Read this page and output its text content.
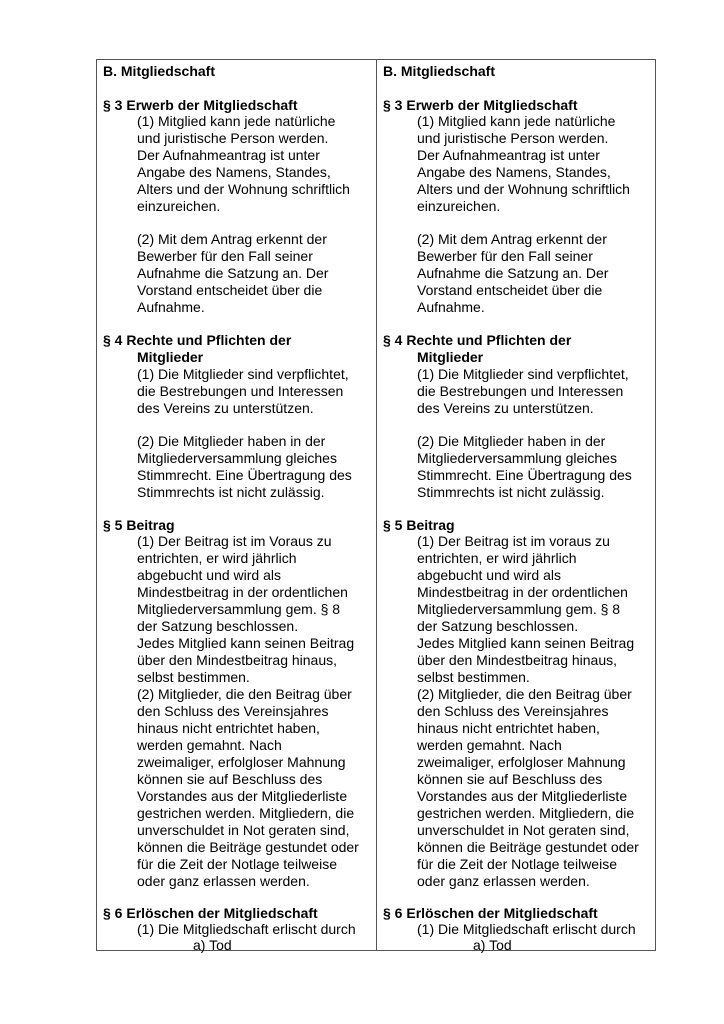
B. Mitgliedschaft
§ 3 Erwerb der Mitgliedschaft
(1) Mitglied kann jede natürliche
und juristische Person werden.
Der Aufnahmeantrag ist unter
Angabe des Namens, Standes,
Alters und der Wohnung schriftlich
einzureichen.
(2) Mit dem Antrag erkennt der
Bewerber für den Fall seiner
Aufnahme die Satzung an. Der
Vorstand entscheidet über die
Aufnahme.
§ 4 Rechte und Pflichten der
Mitglieder
(1) Die Mitglieder sind verpflichtet,
die Bestrebungen und Interessen
des Vereins zu unterstützen.
(2) Die Mitglieder haben in der
Mitgliederversammlung gleiches
Stimmrecht. Eine Übertragung des
Stimmrechts ist nicht zulässig.
§ 5 Beitrag
(1) Der Beitrag ist im Voraus zu
entrichten, er wird jährlich
abgebucht und wird als
Mindestbeitrag in der ordentlichen
Mitgliederversammlung gem. § 8
der Satzung beschlossen.
Jedes Mitglied kann seinen Beitrag
über den Mindestbeitrag hinaus,
selbst bestimmen.
(2) Mitglieder, die den Beitrag über
den Schluss des Vereinsjahres
hinaus nicht entrichtet haben,
werden gemahnt. Nach
zweimaliger, erfolgloser Mahnung
können sie auf Beschluss des
Vorstandes aus der Mitgliederliste
gestrichen werden. Mitgliedern, die
unverschuldet in Not geraten sind,
können die Beiträge gestundet oder
für die Zeit der Notlage teilweise
oder ganz erlassen werden.
§ 6 Erlöschen der Mitgliedschaft
(1) Die Mitgliedschaft erlischt durch
a) Tod
B. Mitgliedschaft
§ 3 Erwerb der Mitgliedschaft
(1) Mitglied kann jede natürliche
und juristische Person werden.
Der Aufnahmeantrag ist unter
Angabe des Namens, Standes,
Alters und der Wohnung schriftlich
einzureichen.
(2) Mit dem Antrag erkennt der
Bewerber für den Fall seiner
Aufnahme die Satzung an. Der
Vorstand entscheidet über die
Aufnahme.
§ 4 Rechte und Pflichten der
Mitglieder
(1) Die Mitglieder sind verpflichtet,
die Bestrebungen und Interessen
des Vereins zu unterstützen.
(2) Die Mitglieder haben in der
Mitgliederversammlung gleiches
Stimmrecht. Eine Übertragung des
Stimmrechts ist nicht zulässig.
§ 5 Beitrag
(1) Der Beitrag ist im voraus zu
entrichten, er wird jährlich
abgebucht und wird als
Mindestbeitrag in der ordentlichen
Mitgliederversammlung gem. § 8
der Satzung beschlossen.
Jedes Mitglied kann seinen Beitrag
über den Mindestbeitrag hinaus,
selbst bestimmen.
(2) Mitglieder, die den Beitrag über
den Schluss des Vereinsjahres
hinaus nicht entrichtet haben,
werden gemahnt. Nach
zweimaliger, erfolgloser Mahnung
können sie auf Beschluss des
Vorstandes aus der Mitgliederliste
gestrichen werden. Mitgliedern, die
unverschuldet in Not geraten sind,
können die Beiträge gestundet oder
für die Zeit der Notlage teilweise
oder ganz erlassen werden.
§ 6 Erlöschen der Mitgliedschaft
(1) Die Mitgliedschaft erlischt durch
a) Tod
